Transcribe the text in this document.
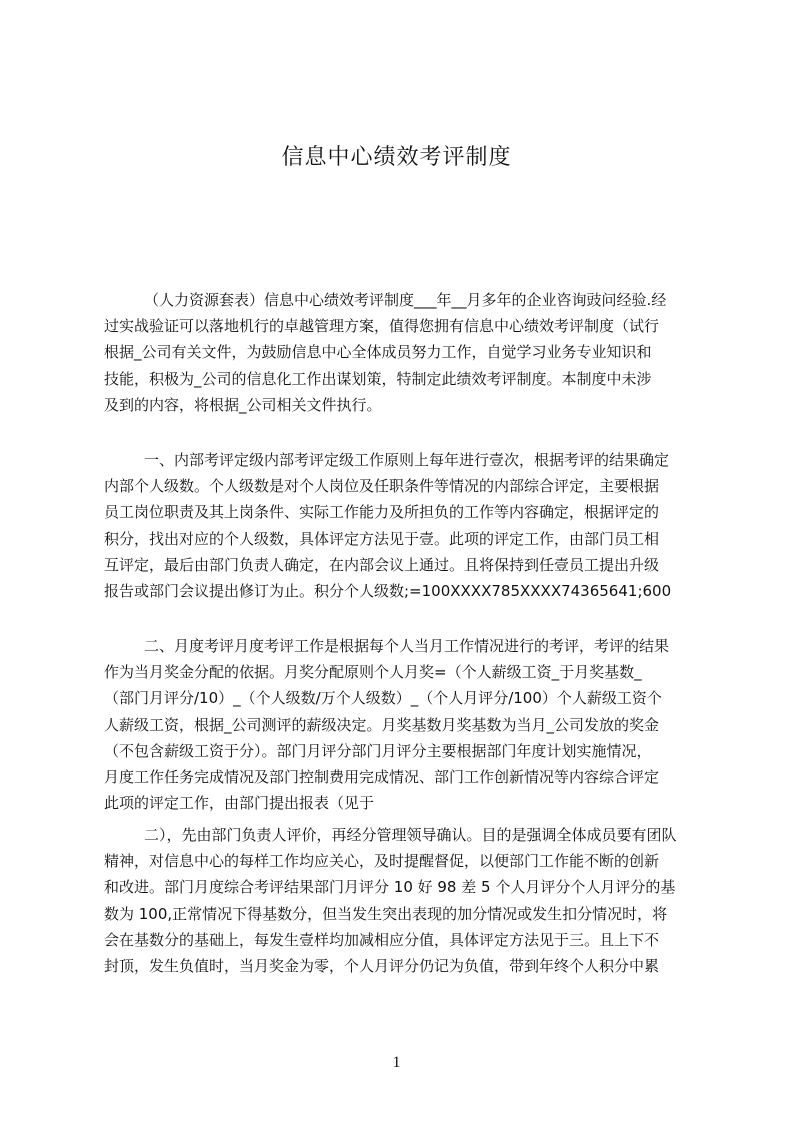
信息中心绩效考评制度
（人力资源套表）信息中心绩效考评制度___年__月多年的企业咨询豉问经验.经
过实战验证可以落地机行的卓越管理方案，值得您拥有信息中心绩效考评制度（试行
根据_公司有关文件，为鼓励信息中心全体成员努力工作，自觉学习业务专业知识和
技能，积极为_公司的信息化工作出谋划策，特制定此绩效考评制度。本制度中未涉
及到的内容，将根据_公司相关文件执行。
一、内部考评定级内部考评定级工作原则上每年进行壹次，根据考评的结果确定
内部个人级数。个人级数是对个人岗位及任职条件等情况的内部综合评定，主要根据
员工岗位职责及其上岗条件、实际工作能力及所担负的工作等内容确定，根据评定的
积分，找出对应的个人级数，具体评定方法见于壹。此项的评定工作，由部门员工相
互评定，最后由部门负责人确定，在内部会议上通过。且将保持到任壹员工提出升级
报告或部门会议提出修订为止。积分个人级数;=100XXXX785XXXX74365641;600
二、月度考评月度考评工作是根据每个人当月工作情况进行的考评，考评的结果
作为当月奖金分配的依据。月奖分配原则个人月奖=（个人薪级工资_于月奖基数_
（部门月评分/10）_（个人级数/万个人级数）_（个人月评分/100）个人薪级工资个
人薪级工资，根据_公司测评的薪级决定。月奖基数月奖基数为当月_公司发放的奖金
（不包含薪级工资于分）。部门月评分部门月评分主要根据部门年度计划实施情况，
月度工作任务完成情况及部门控制费用完成情况、部门工作创新情况等内容综合评定
此项的评定工作，由部门提出报表（见于
二），先由部门负责人评价，再经分管理领导确认。目的是强调全体成员要有团队
精神，对信息中心的每样工作均应关心，及时提醒督促，以便部门工作能不断的创新
和改进。部门月度综合考评结果部门月评分 10 好 98 差 5 个人月评分个人月评分的基
数为 100,正常情况下得基数分，但当发生突出表现的加分情况或发生扣分情况时，将
会在基数分的基础上，每发生壹样均加减相应分值，具体评定方法见于三。且上下不
封顶，发生负值时，当月奖金为零，个人月评分仍记为负值，带到年终个人积分中累
1
